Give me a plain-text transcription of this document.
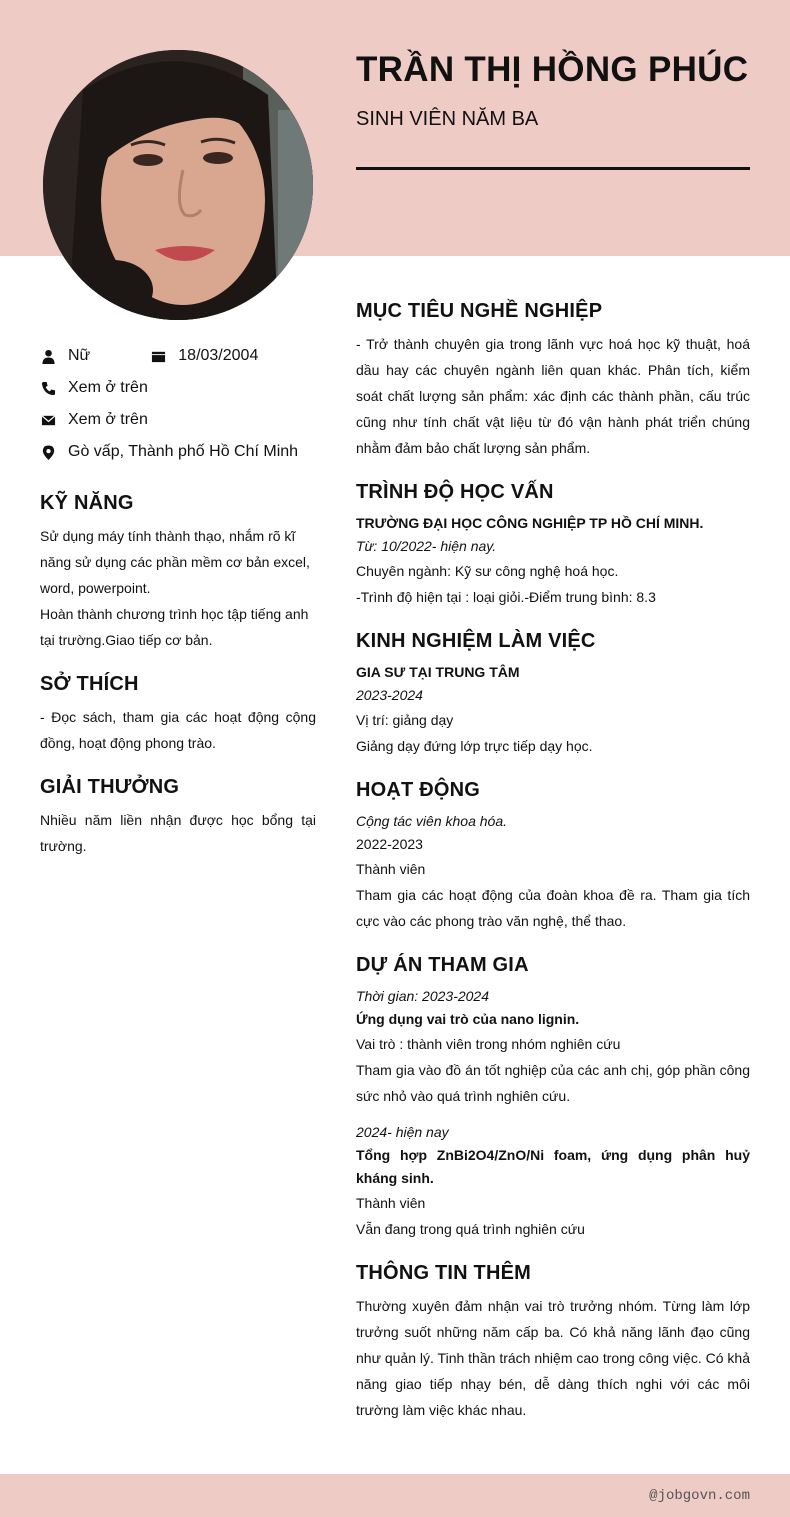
TRẦN THỊ HỒNG PHÚC
SINH VIÊN NĂM BA
Nữ	18/03/2004
Xem ở trên
Xem ở trên
Gò vấp, Thành phố Hồ Chí Minh
KỸ NĂNG
Sử dụng máy tính thành thạo, nhắm rõ kĩ năng sử dụng các phần mềm cơ bản excel, word, powerpoint.
Hoàn thành chương trình học tập tiếng anh tại trường.Giao tiếp cơ bản.
SỞ THÍCH
- Đọc sách, tham gia các hoạt động cộng đồng, hoạt động phong trào.
GIẢI THƯỞNG
Nhiều năm liền nhận được học bổng tại trường.
MỤC TIÊU NGHỀ NGHIỆP
- Trở thành chuyên gia trong lãnh vực hoá học kỹ thuật, hoá dầu hay các chuyên ngành liên quan khác. Phân tích, kiểm soát chất lượng sản phẩm: xác định các thành phần, cấu trúc cũng như tính chất vật liệu từ đó vận hành phát triển chúng nhằm đảm bảo chất lượng sản phẩm.
TRÌNH ĐỘ HỌC VẤN
TRƯỜNG ĐẠI HỌC CÔNG NGHIỆP TP HỒ CHÍ MINH.
Từ: 10/2022- hiện nay.
Chuyên ngành: Kỹ sư công nghệ hoá học.
-Trình độ hiện tại : loại giỏi.-Điểm trung bình: 8.3
KINH NGHIỆM LÀM VIỆC
GIA SƯ TẠI TRUNG TÂM
2023-2024
Vị trí: giảng dạy
Giảng dạy đứng lớp trực tiếp dạy học.
HOẠT ĐỘNG
Cộng tác viên khoa hóa.
2022-2023
Thành viên
Tham gia các hoạt động của đoàn khoa đề ra. Tham gia tích cực vào các phong trào văn nghệ, thể thao.
DỰ ÁN THAM GIA
Thời gian: 2023-2024
Ứng dụng vai trò của nano lignin.
Vai trò : thành viên trong nhóm nghiên cứu
Tham gia vào đồ án tốt nghiệp của các anh chị, góp phần công sức nhỏ vào quá trình nghiên cứu.
2024- hiện nay
Tổng hợp ZnBi2O4/ZnO/Ni foam, ứng dụng phân huỷ kháng sinh.
Thành viên
Vẫn đang trong quá trình nghiên cứu
THÔNG TIN THÊM
Thường xuyên đảm nhận vai trò trưởng nhóm. Từng làm lớp trưởng suốt những năm cấp ba. Có khả năng lãnh đạo cũng như quản lý. Tinh thần trách nhiệm cao trong công việc. Có khả năng giao tiếp nhạy bén, dễ dàng thích nghi với các môi trường làm việc khác nhau.
@jobgovn.com
